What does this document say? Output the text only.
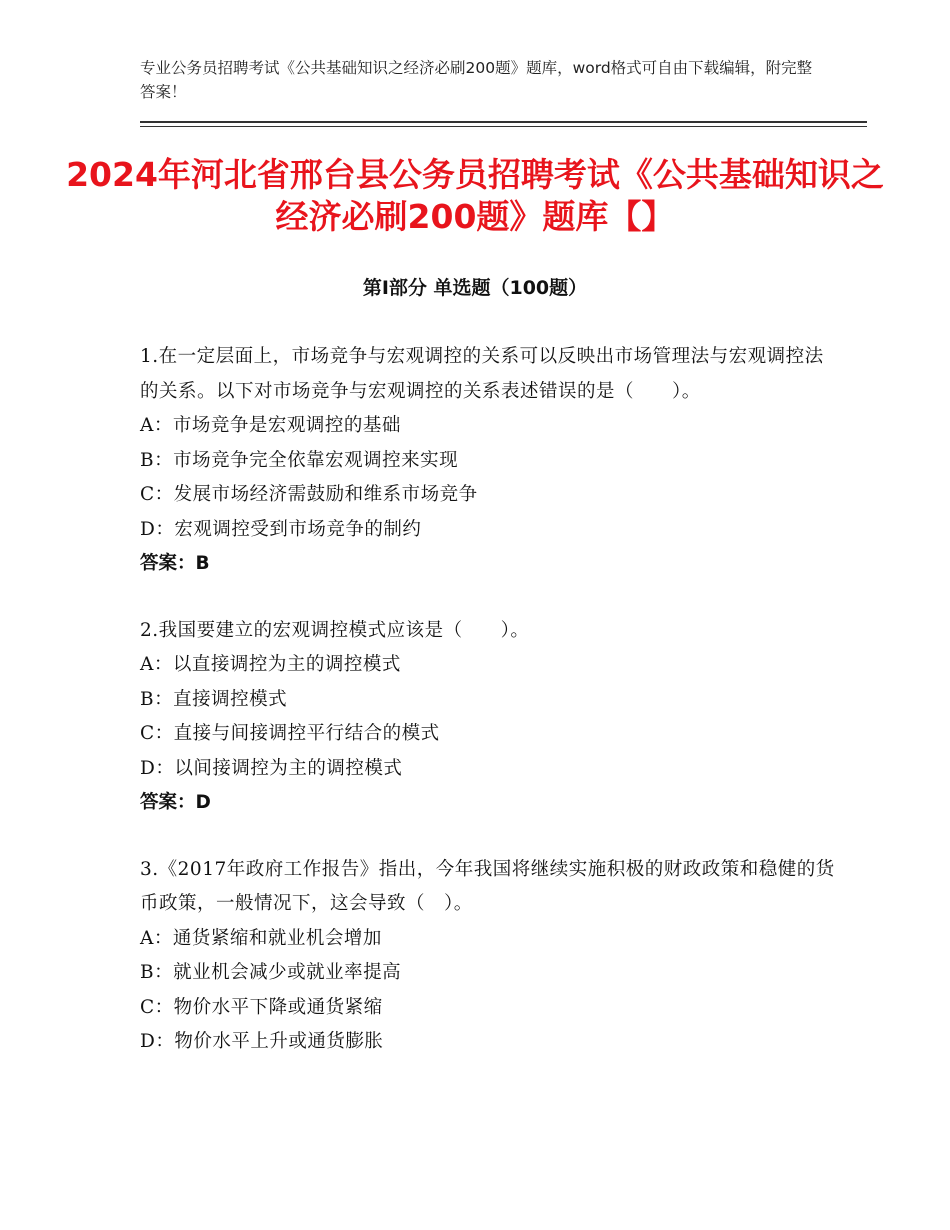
专业公务员招聘考试《公共基础知识之经济必刷200题》题库，word格式可自由下载编辑，附完整答案！
2024年河北省邢台县公务员招聘考试《公共基础知识之经济必刷200题》题库【】
第I部分 单选题（100题）

1.在一定层面上，市场竞争与宏观调控的关系可以反映出市场管理法与宏观调控法的关系。以下对市场竞争与宏观调控的关系表述错误的是（　　）。

A：市场竞争是宏观调控的基础

B：市场竞争完全依靠宏观调控来实现

C：发展市场经济需鼓励和维系市场竞争

D：宏观调控受到市场竞争的制约

答案：B

2.我国要建立的宏观调控模式应该是（　　）。

A：以直接调控为主的调控模式

B：直接调控模式

C：直接与间接调控平行结合的模式

D：以间接调控为主的调控模式

答案：D

3.《2017年政府工作报告》指出，今年我国将继续实施积极的财政政策和稳健的货币政策，一般情况下，这会导致（　）。

A：通货紧缩和就业机会增加

B：就业机会减少或就业率提高

C：物价水平下降或通货紧缩

D：物价水平上升或通货膨胀
